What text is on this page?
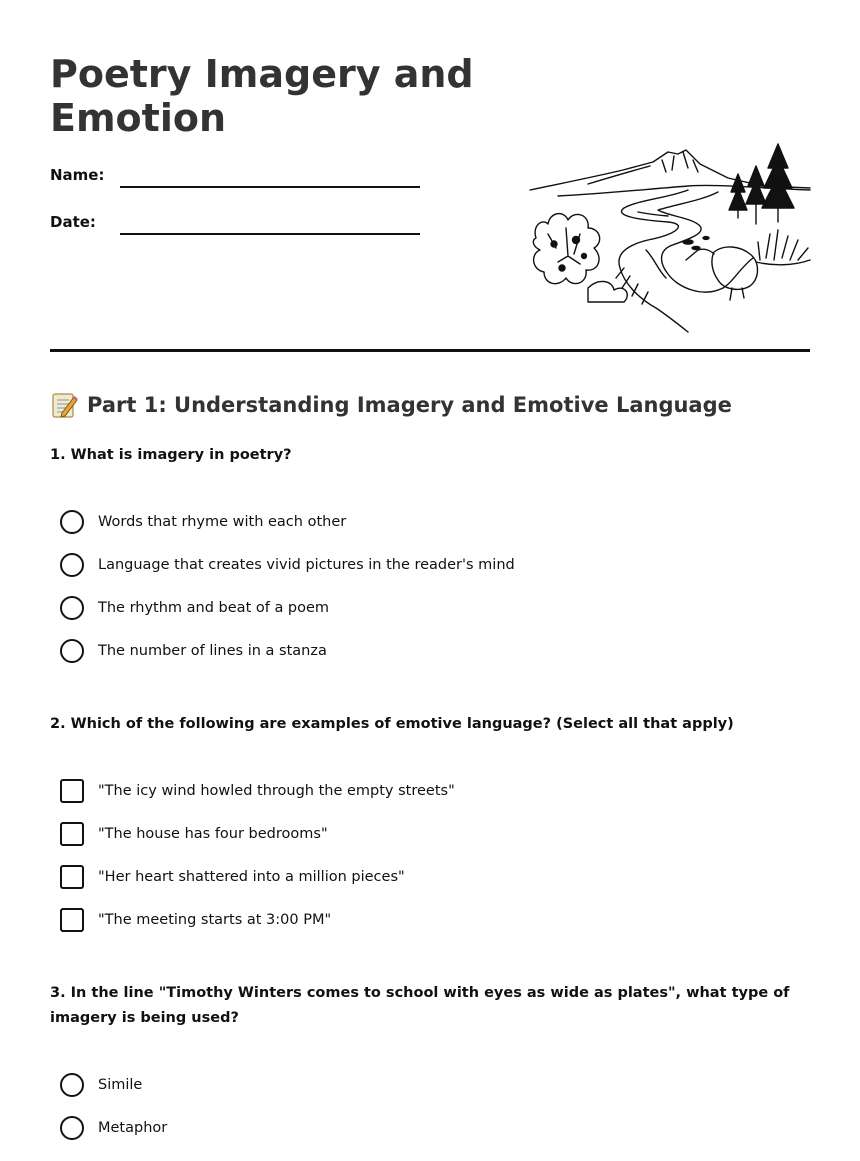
Poetry Imagery and Emotion
Name:
Date:
Part 1: Understanding Imagery and Emotive Language
1. What is imagery in poetry?
Words that rhyme with each other
Language that creates vivid pictures in the reader's mind
The rhythm and beat of a poem
The number of lines in a stanza
2. Which of the following are examples of emotive language? (Select all that apply)
"The icy wind howled through the empty streets"
"The house has four bedrooms"
"Her heart shattered into a million pieces"
"The meeting starts at 3:00 PM"
3. In the line "Timothy Winters comes to school with eyes as wide as plates", what type of imagery is being used?
Simile
Metaphor
